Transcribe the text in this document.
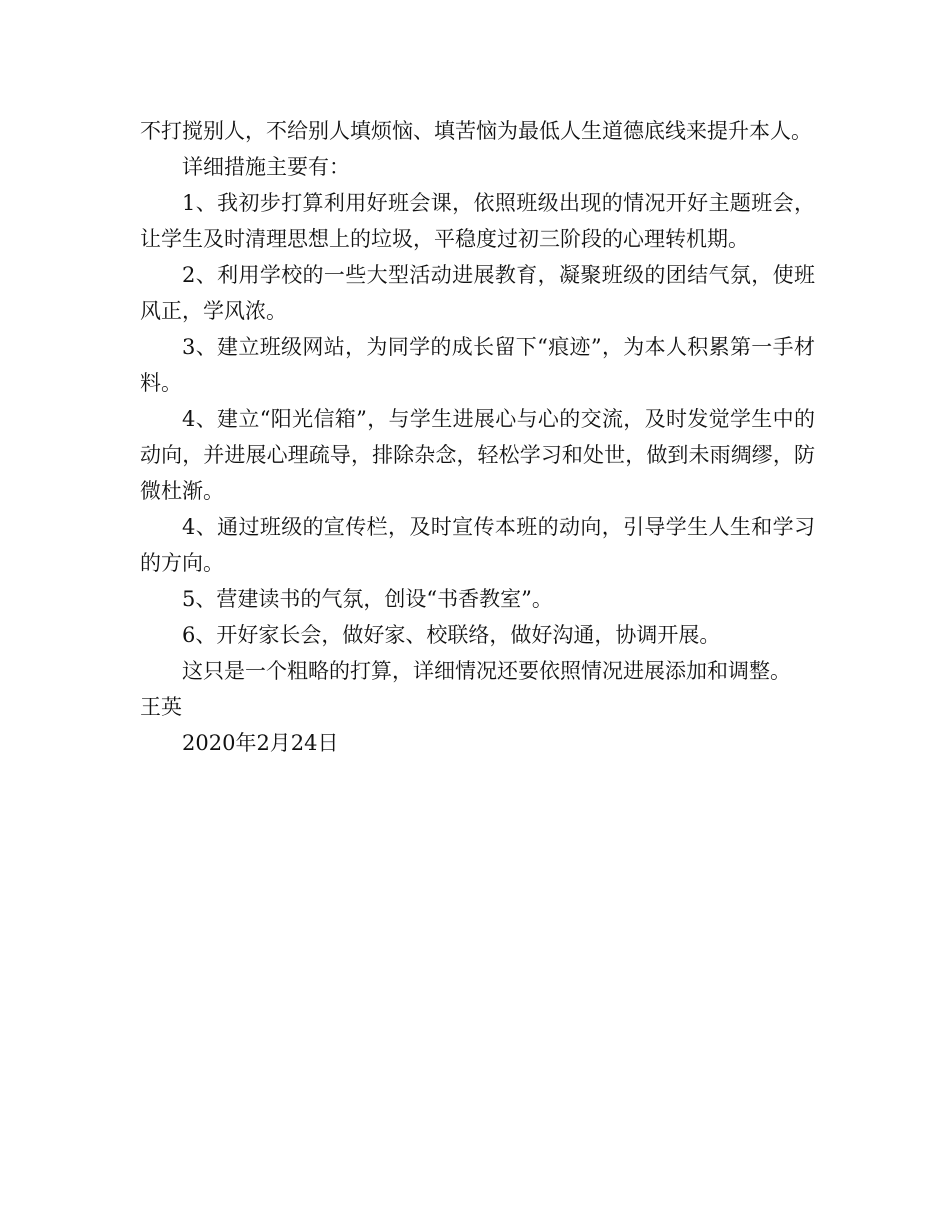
不打搅别人，不给别人填烦恼、填苦恼为最低人生道德底线来提升本人。

详细措施主要有：

1、我初步打算利用好班会课，依照班级出现的情况开好主题班会，让学生及时清理思想上的垃圾，平稳度过初三阶段的心理转机期。

2、利用学校的一些大型活动进展教育，凝聚班级的团结气氛，使班风正，学风浓。

3、建立班级网站，为同学的成长留下“痕迹”，为本人积累第一手材料。

4、建立“阳光信箱”，与学生进展心与心的交流，及时发觉学生中的动向，并进展心理疏导，排除杂念，轻松学习和处世，做到未雨绸缪，防微杜渐。

4、通过班级的宣传栏，及时宣传本班的动向，引导学生人生和学习的方向。

5、营建读书的气氛，创设“书香教室”。

6、开好家长会，做好家、校联络，做好沟通，协调开展。

这只是一个粗略的打算，详细情况还要依照情况进展添加和调整。

王英

2020年2月24日
